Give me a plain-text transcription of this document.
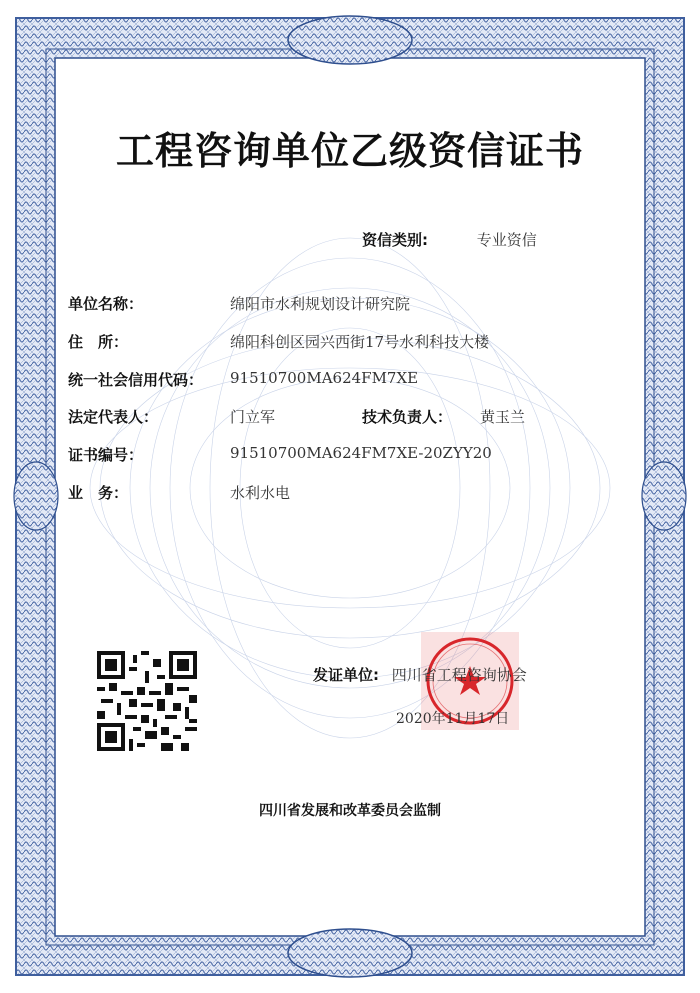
工程咨询单位乙级资信证书
资信类别:	专业资信
单位名称：	绵阳市水利规划设计研究院
住　所：	绵阳科创区园兴西街17号水利科技大楼
统一社会信用代码： 91510700MA624FM7XE
法定代表人：	门立军	技术负责人： 黄玉兰
证书编号：	91510700MA624FM7XE-20ZYY20
业　务：	水利水电
发证单位: 四川省工程咨询协会
2020年11月17日
四川省发展和改革委员会监制
